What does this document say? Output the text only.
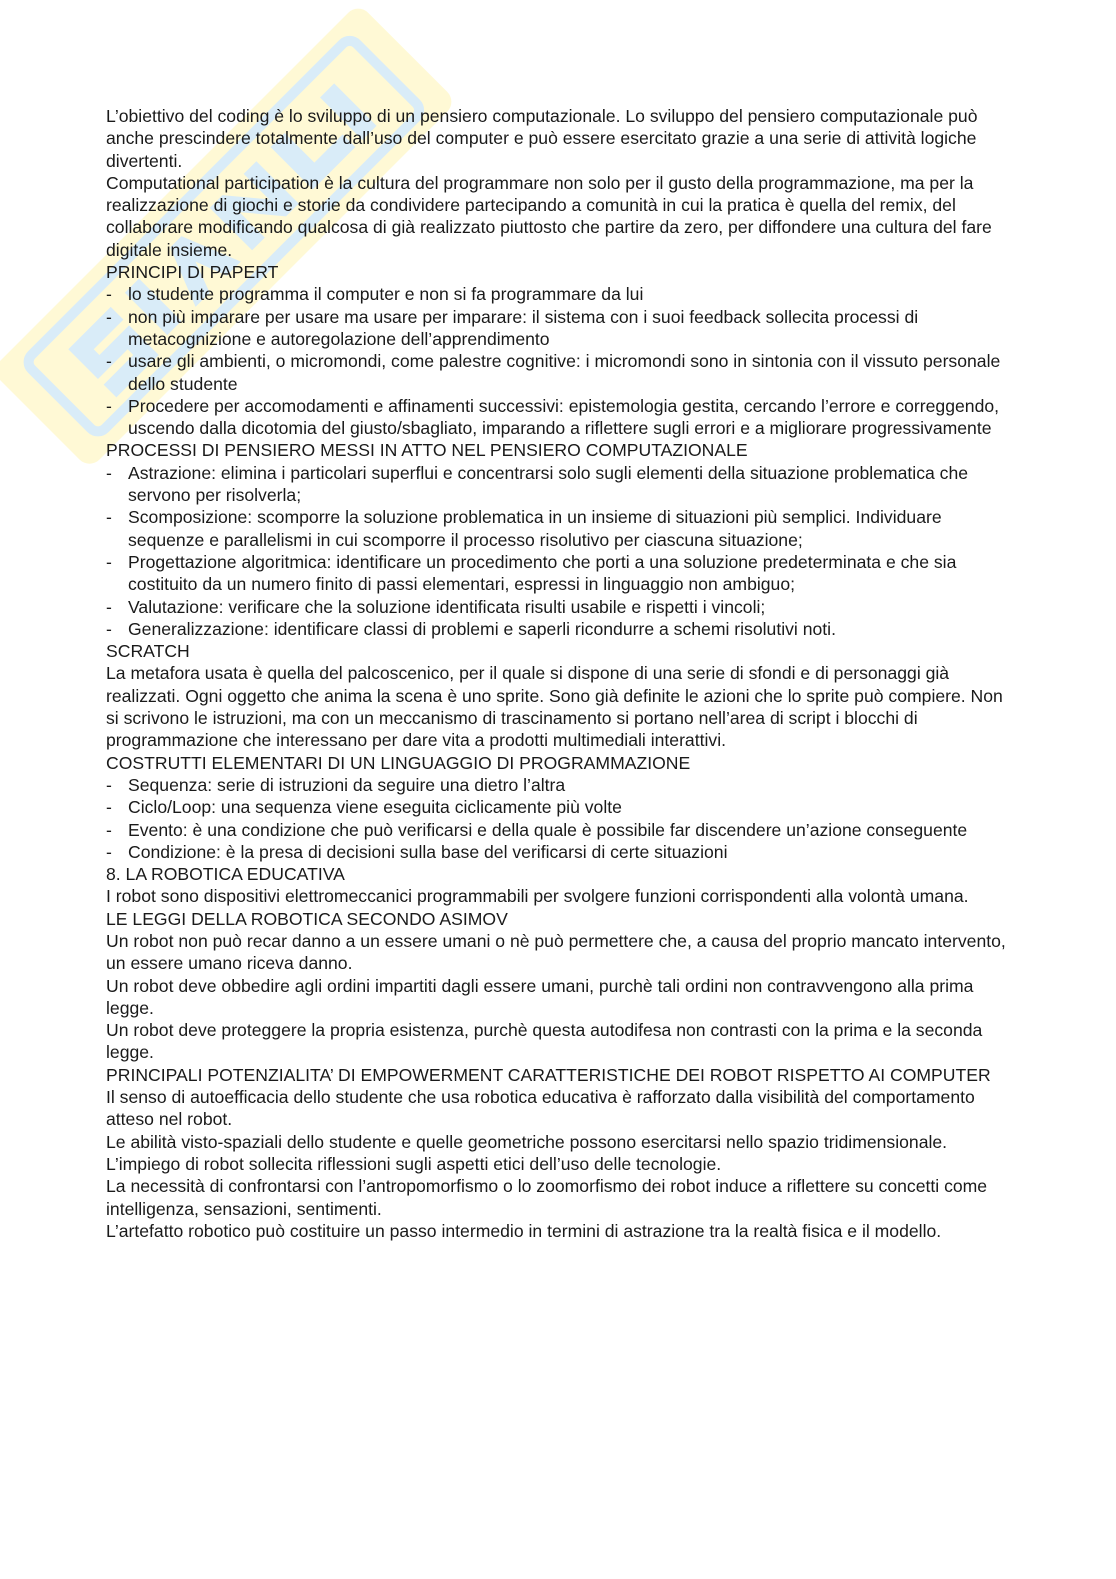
L’obiettivo del coding è lo sviluppo di un pensiero computazionale. Lo sviluppo del pensiero computazionale può anche prescindere totalmente dall’uso del computer e può essere esercitato grazie a una serie di attività logiche divertenti.

Computational participation è la cultura del programmare non solo per il gusto della programmazione, ma per la realizzazione di giochi e storie da condividere partecipando a comunità in cui la pratica è quella del remix, del collaborare modificando qualcosa di già realizzato piuttosto che partire da zero, per diffondere una cultura del fare digitale insieme.

PRINCIPI DI PAPERT

- lo studente programma il computer e non si fa programmare da lui
- non più imparare per usare ma usare per imparare: il sistema con i suoi feedback sollecita processi di metacognizione e autoregolazione dell’apprendimento
- usare gli ambienti, o micromondi, come palestre cognitive: i micromondi sono in sintonia con il vissuto personale dello studente
- Procedere per accomodamenti e affinamenti successivi: epistemologia gestita, cercando l’errore e correggendo, uscendo dalla dicotomia del giusto/sbagliato, imparando a riflettere sugli errori e a migliorare progressivamente

PROCESSI DI PENSIERO MESSI IN ATTO NEL PENSIERO COMPUTAZIONALE

- Astrazione: elimina i particolari superflui e concentrarsi solo sugli elementi della situazione problematica che servono per risolverla;
- Scomposizione: scomporre la soluzione problematica in un insieme di situazioni più semplici. Individuare sequenze e parallelismi in cui scomporre il processo risolutivo per ciascuna situazione;
- Progettazione algoritmica: identificare un procedimento che porti a una soluzione predeterminata e che sia costituito da un numero finito di passi elementari, espressi in linguaggio non ambiguo;
- Valutazione: verificare che la soluzione identificata risulti usabile e rispetti i vincoli;
- Generalizzazione: identificare classi di problemi e saperli ricondurre a schemi risolutivi noti.

SCRATCH

La metafora usata è quella del palcoscenico, per il quale si dispone di una serie di sfondi e di personaggi già realizzati. Ogni oggetto che anima la scena è uno sprite. Sono già definite le azioni che lo sprite può compiere. Non si scrivono le istruzioni, ma con un meccanismo di trascinamento si portano nell’area di script i blocchi di programmazione che interessano per dare vita a prodotti multimediali interattivi.

COSTRUTTI ELEMENTARI DI UN LINGUAGGIO DI PROGRAMMAZIONE

- Sequenza: serie di istruzioni da seguire una dietro l’altra
- Ciclo/Loop: una sequenza viene eseguita ciclicamente più volte
- Evento: è una condizione che può verificarsi e della quale è possibile far discendere un’azione conseguente
- Condizione: è la presa di decisioni sulla base del verificarsi di certe situazioni

8. LA ROBOTICA EDUCATIVA

I robot sono dispositivi elettromeccanici programmabili per svolgere funzioni corrispondenti alla volontà umana.

LE LEGGI DELLA ROBOTICA SECONDO ASIMOV

Un robot non può recar danno a un essere umani o nè può permettere che, a causa del proprio mancato intervento, un essere umano riceva danno.

Un robot deve obbedire agli ordini impartiti dagli essere umani, purchè tali ordini non contravvengono alla prima legge.

Un robot deve proteggere la propria esistenza, purchè questa autodifesa non contrasti con la prima e la seconda legge.

PRINCIPALI POTENZIALITA’ DI EMPOWERMENT CARATTERISTICHE DEI ROBOT RISPETTO AI COMPUTER

Il senso di autoefficacia dello studente che usa robotica educativa è rafforzato dalla visibilità del comportamento atteso nel robot.

Le abilità visto-spaziali dello studente e quelle geometriche possono esercitarsi nello spazio tridimensionale.

L’impiego di robot sollecita riflessioni sugli aspetti etici dell’uso delle tecnologie.

La necessità di confrontarsi con l’antropomorfismo o lo zoomorfismo dei robot induce a riflettere su concetti come intelligenza, sensazioni, sentimenti.

L’artefatto robotico può costituire un passo intermedio in termini di astrazione tra la realtà fisica e il modello.
